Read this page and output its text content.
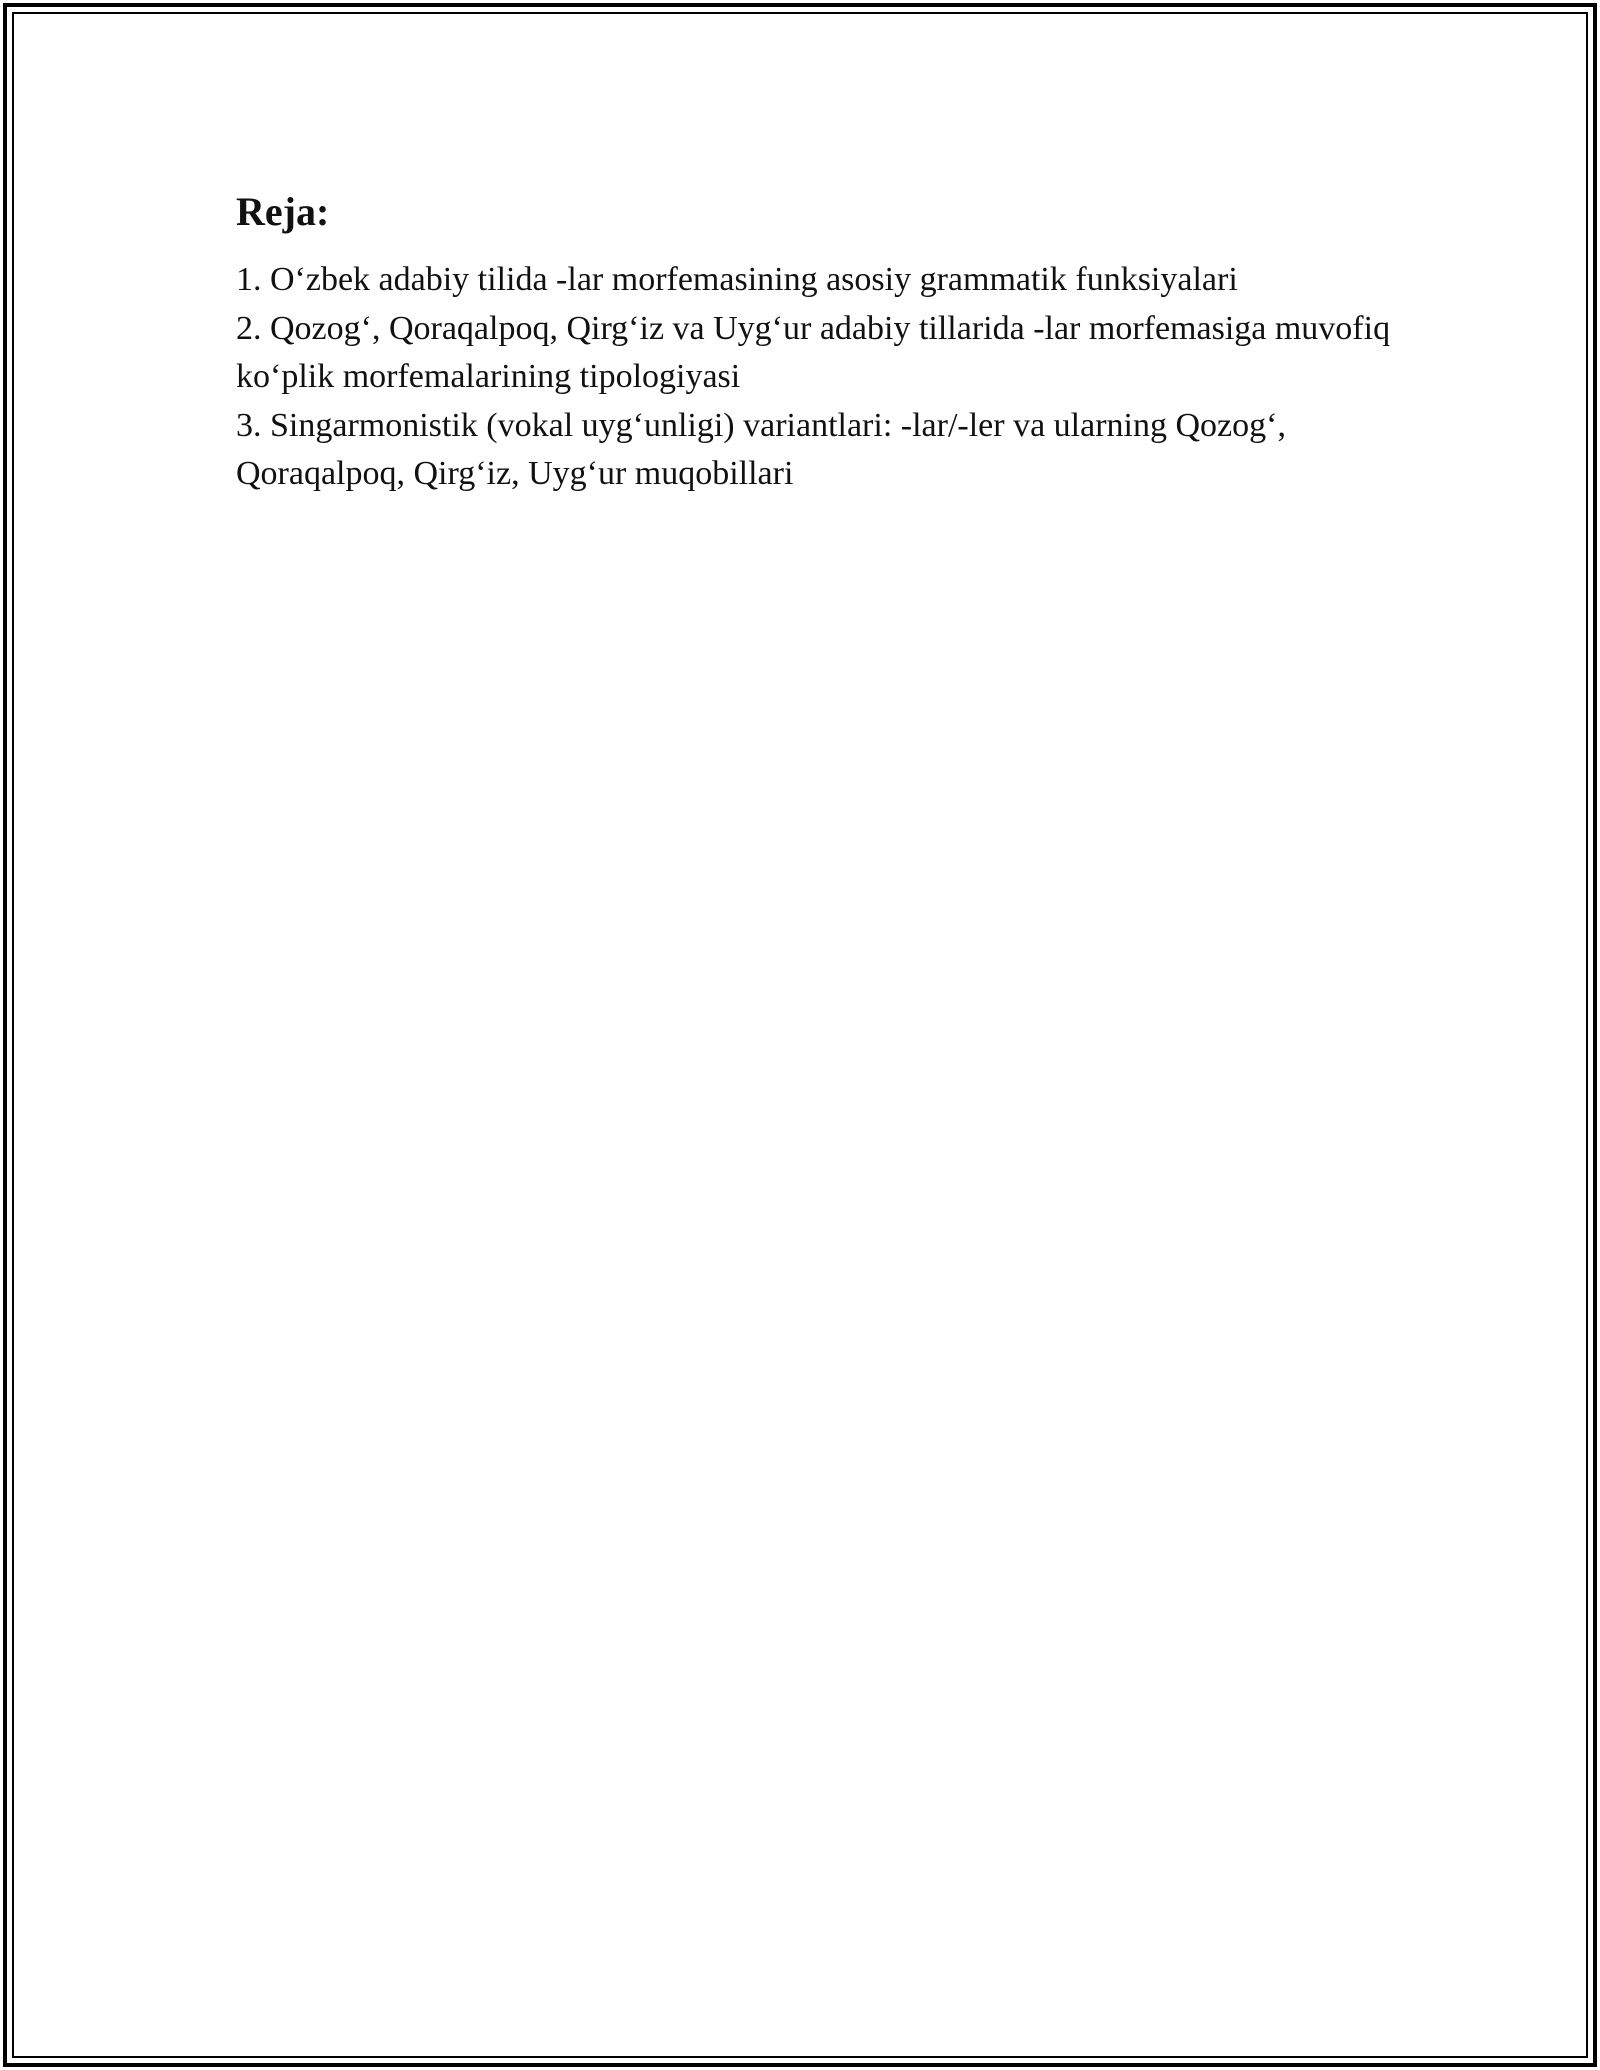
Reja:
1. O‘zbek adabiy tilida -lar morfemasining asosiy grammatik funksiyalari
2. Qozog‘, Qoraqalpoq, Qirg‘iz va Uyg‘ur adabiy tillarida -lar morfemasiga muvofiq ko‘plik morfemalarining tipologiyasi
3. Singarmonistik (vokal uyg‘unligi) variantlari: -lar/-ler va ularning Qozog‘, Qoraqalpoq, Qirg‘iz, Uyg‘ur muqobillari
